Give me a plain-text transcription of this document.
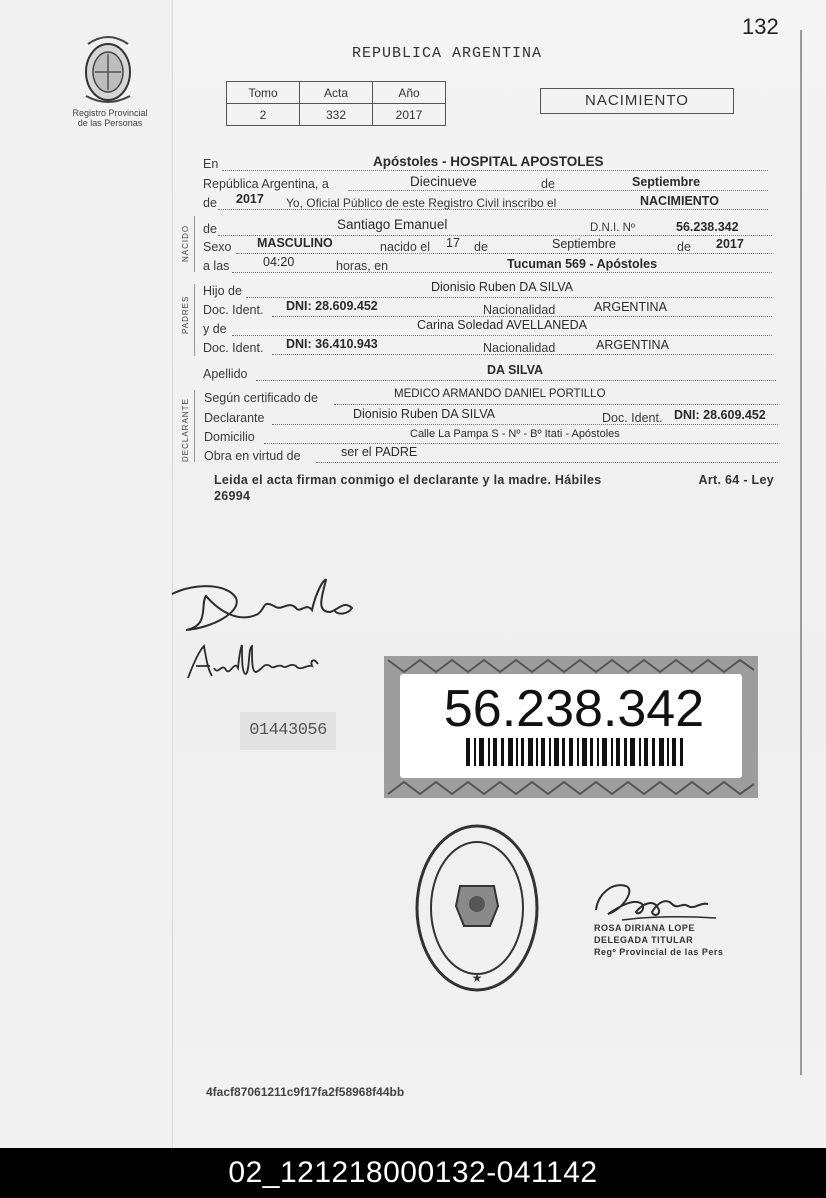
132
Registro Provincial
de las Personas
REPUBLICA ARGENTINA
Tomo	Acta	Año
2	332	2017
NACIMIENTO
NACIDO
PADRES
DECLARANTE
En	Apóstoles - HOSPITAL APOSTOLES
República Argentina, a	Diecinueve	de	Septiembre
de 2017 Yo, Oficial Público de este Registro Civil inscribo el	NACIMIENTO
de	Santiago Emanuel	D.N.I. Nº	56.238.342
Sexo MASCULINO	nacido el 17 de	Septiembre	de 2017
a las	04:20	horas, en	Tucuman 569 - Apóstoles
Hijo de	Dionisio Ruben DA SILVA
Doc. Ident. DNI: 28.609.452	Nacionalidad	ARGENTINA
y de	Carina Soledad AVELLANEDA
Doc. Ident. DNI: 36.410.943	Nacionalidad	ARGENTINA
Apellido	DA SILVA
Según certificado de	MEDICO ARMANDO DANIEL PORTILLO
Declarante	Dionisio Ruben DA SILVA	Doc. Ident. DNI: 28.609.452
Domicilio	Calle La Pampa S - Nº - Bº Itati - Apóstoles
Obra en virtud de	ser el PADRE
Art. 64 - Ley
Leida el acta firman conmigo el declarante y la madre. Hábiles
26994
01443056 56.238.342
★
ROSA DIRIANA LOPE
DELEGADA TITULAR
Regº Provincial de las Pers
4facf87061211c9f17fa2f58968f44bb
02_121218000132-041142
